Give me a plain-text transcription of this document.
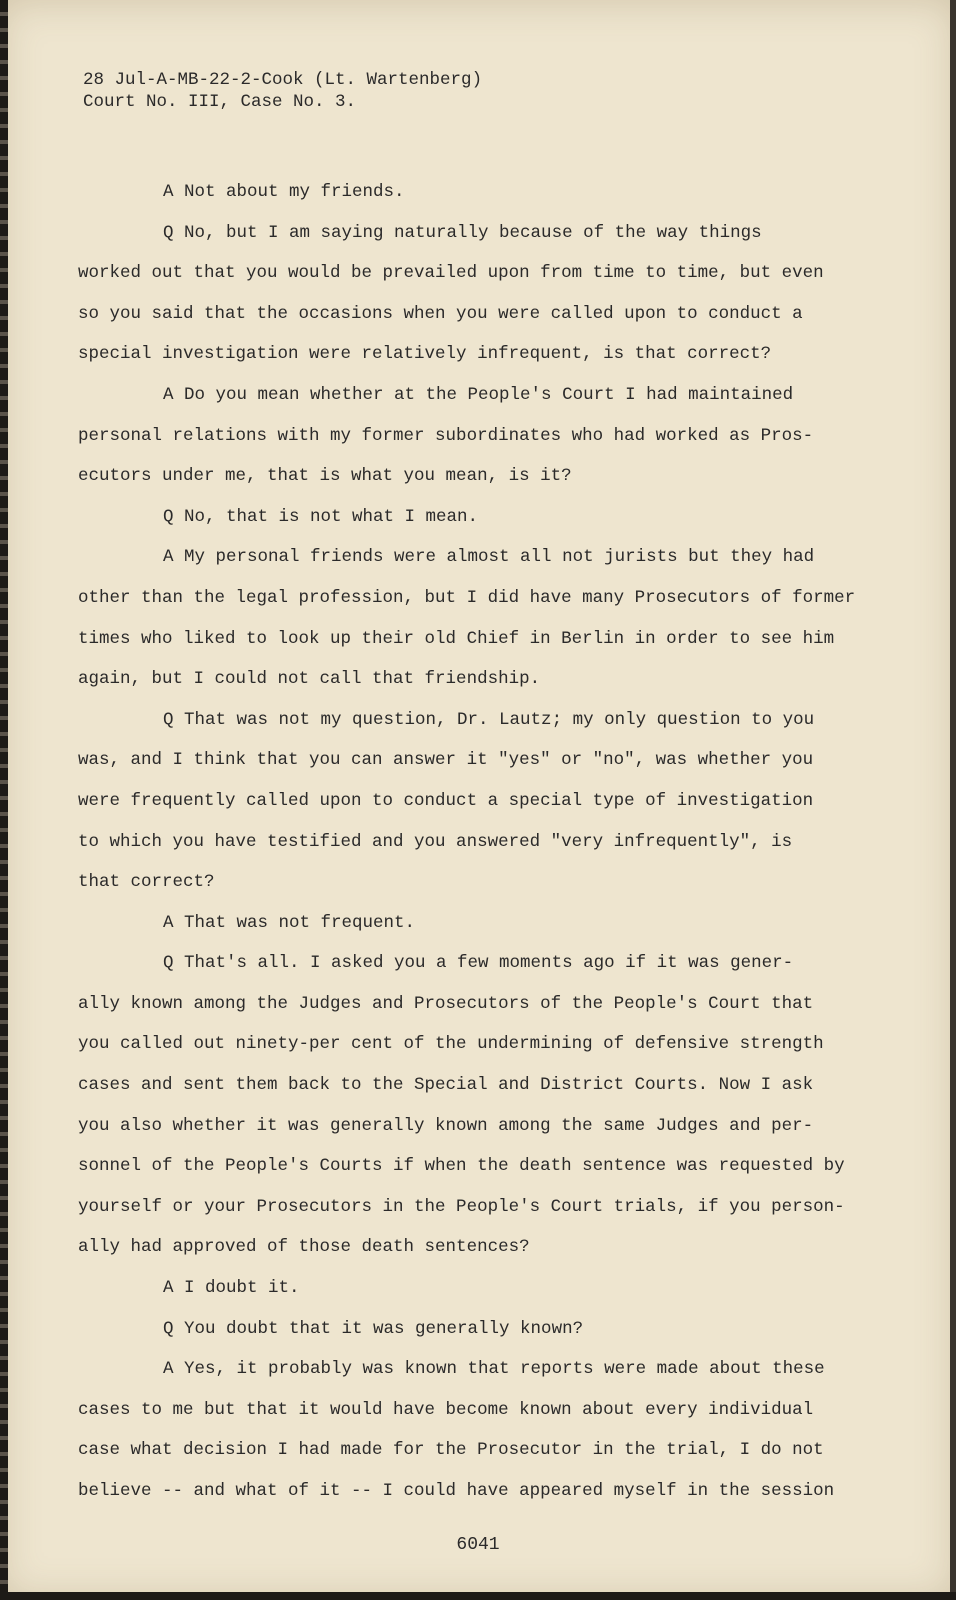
28 Jul-A-MB-22-2-Cook (Lt. Wartenberg)
Court No. III, Case No. 3.
A Not about my friends.
Q No, but I am saying naturally because of the way things
worked out that you would be prevailed upon from time to time, but even
so you said that the occasions when you were called upon to conduct a
special investigation were relatively infrequent, is that correct?
A Do you mean whether at the People's Court I had maintained
personal relations with my former subordinates who had worked as Pros-
ecutors under me, that is what you mean, is it?
Q No, that is not what I mean.
A My personal friends were almost all not jurists but they had
other than the legal profession, but I did have many Prosecutors of former
times who liked to look up their old Chief in Berlin in order to see him
again, but I could not call that friendship.
Q That was not my question, Dr. Lautz; my only question to you
was, and I think that you can answer it "yes" or "no", was whether you
were frequently called upon to conduct a special type of investigation
to which you have testified and you answered "very infrequently", is
that correct?
A That was not frequent.
Q That's all. I asked you a few moments ago if it was gener-
ally known among the Judges and Prosecutors of the People's Court that
you called out ninety-per cent of the undermining of defensive strength
cases and sent them back to the Special and District Courts. Now I ask
you also whether it was generally known among the same Judges and per-
sonnel of the People's Courts if when the death sentence was requested by
yourself or your Prosecutors in the People's Court trials, if you person-
ally had approved of those death sentences?
A I doubt it.
Q You doubt that it was generally known?
A Yes, it probably was known that reports were made about these
cases to me but that it would have become known about every individual
case what decision I had made for the Prosecutor in the trial, I do not
believe -- and what of it -- I could have appeared myself in the session
6041
